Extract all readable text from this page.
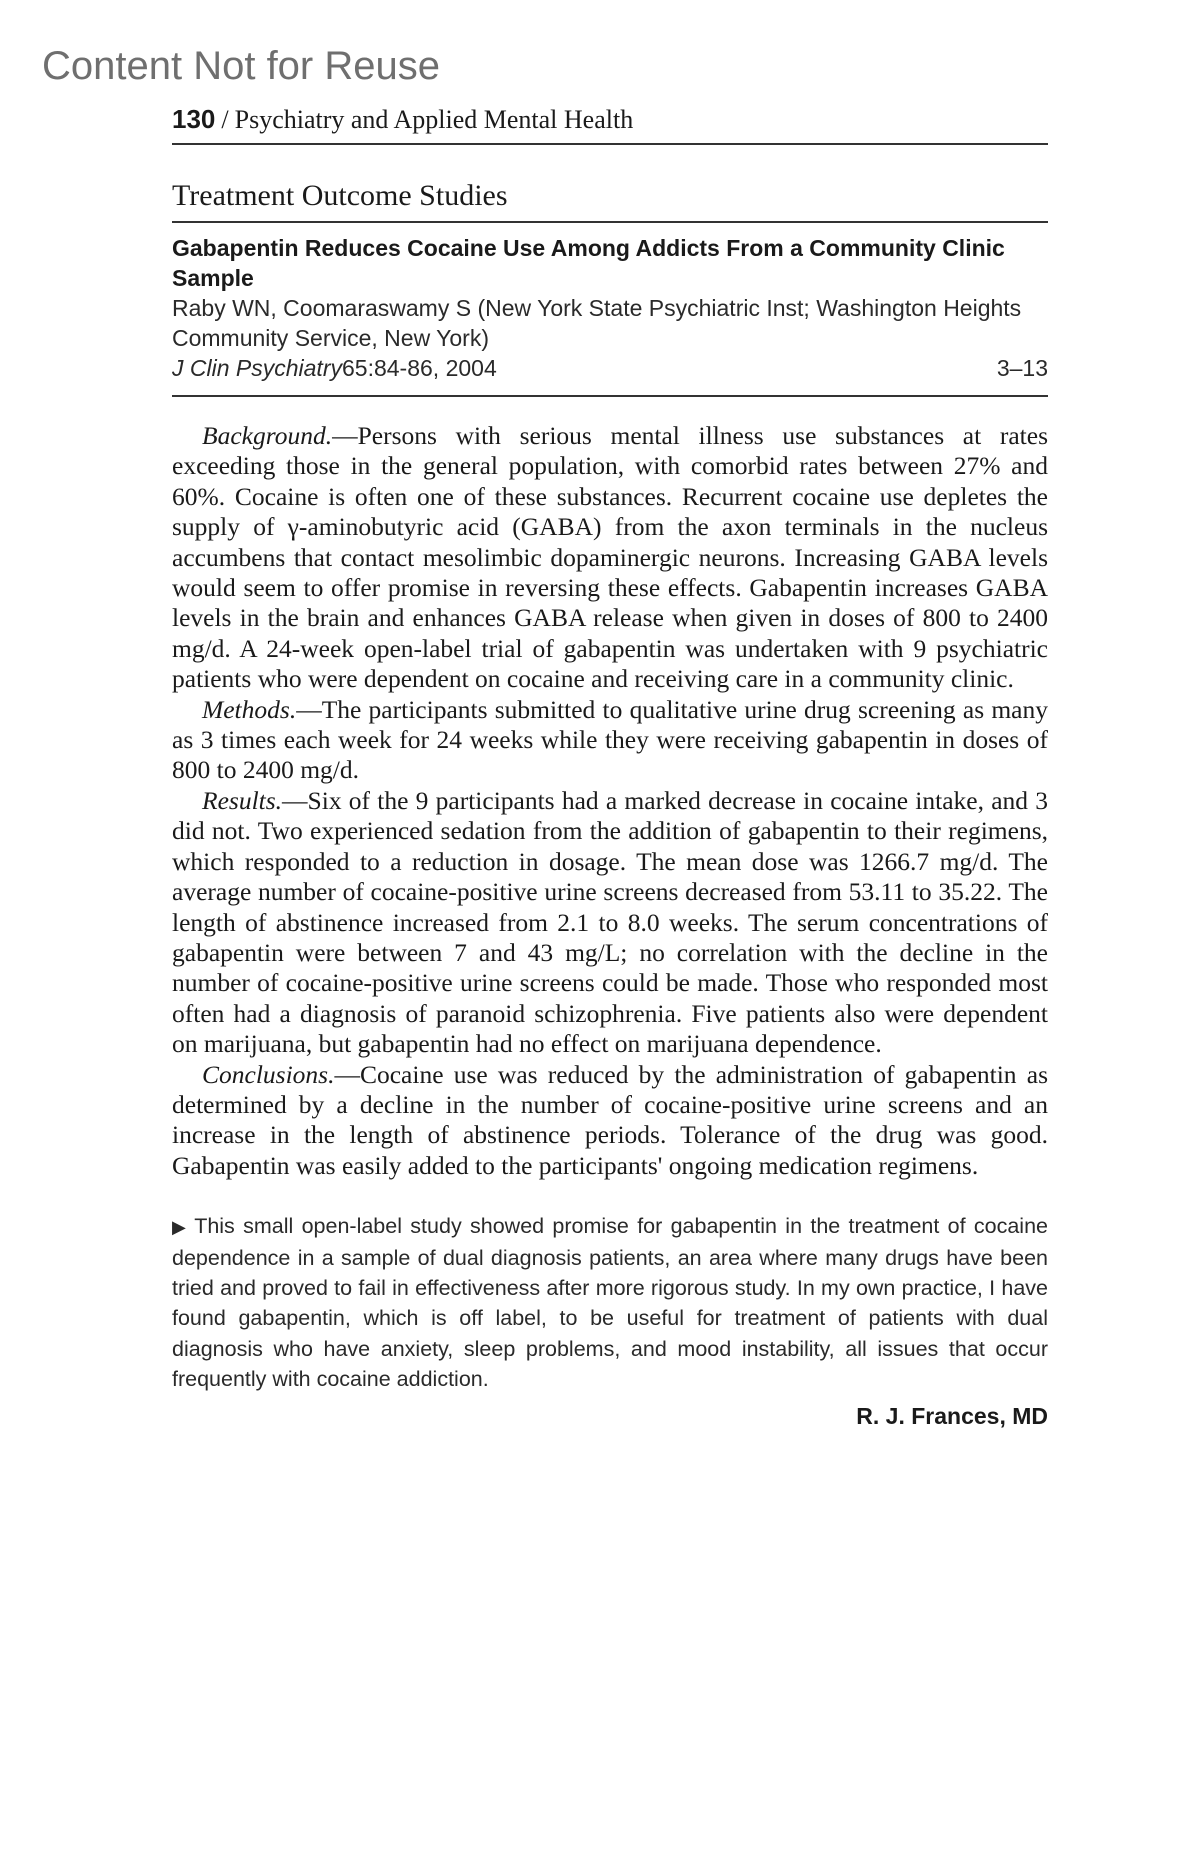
Content Not for Reuse
130 / Psychiatry and Applied Mental Health
Treatment Outcome Studies
Gabapentin Reduces Cocaine Use Among Addicts From a Community Clinic Sample
Raby WN, Coomaraswamy S (New York State Psychiatric Inst; Washington Heights Community Service, New York)
J Clin Psychiatry65:84-86, 2004	3–13

Background.—Persons with serious mental illness use substances at rates exceeding those in the general population, with comorbid rates between 27% and 60%. Cocaine is often one of these substances. Recurrent cocaine use depletes the supply of γ-aminobutyric acid (GABA) from the axon terminals in the nucleus accumbens that contact mesolimbic dopaminergic neurons. Increasing GABA levels would seem to offer promise in reversing these effects. Gabapentin increases GABA levels in the brain and enhances GABA release when given in doses of 800 to 2400 mg/d. A 24-week open-label trial of gabapentin was undertaken with 9 psychiatric patients who were dependent on cocaine and receiving care in a community clinic.

Methods.—The participants submitted to qualitative urine drug screening as many as 3 times each week for 24 weeks while they were receiving gabapentin in doses of 800 to 2400 mg/d.

Results.—Six of the 9 participants had a marked decrease in cocaine intake, and 3 did not. Two experienced sedation from the addition of gabapentin to their regimens, which responded to a reduction in dosage. The mean dose was 1266.7 mg/d. The average number of cocaine-positive urine screens decreased from 53.11 to 35.22. The length of abstinence increased from 2.1 to 8.0 weeks. The serum concentrations of gabapentin were between 7 and 43 mg/L; no correlation with the decline in the number of cocaine-positive urine screens could be made. Those who responded most often had a diagnosis of paranoid schizophrenia. Five patients also were dependent on marijuana, but gabapentin had no effect on marijuana dependence.

Conclusions.—Cocaine use was reduced by the administration of gabapentin as determined by a decline in the number of cocaine-positive urine screens and an increase in the length of abstinence periods. Tolerance of the drug was good. Gabapentin was easily added to the participants' ongoing medication regimens.

▶ This small open-label study showed promise for gabapentin in the treatment of cocaine dependence in a sample of dual diagnosis patients, an area where many drugs have been tried and proved to fail in effectiveness after more rigorous study. In my own practice, I have found gabapentin, which is off label, to be useful for treatment of patients with dual diagnosis who have anxiety, sleep problems, and mood instability, all issues that occur frequently with cocaine addiction.
R. J. Frances, MD
